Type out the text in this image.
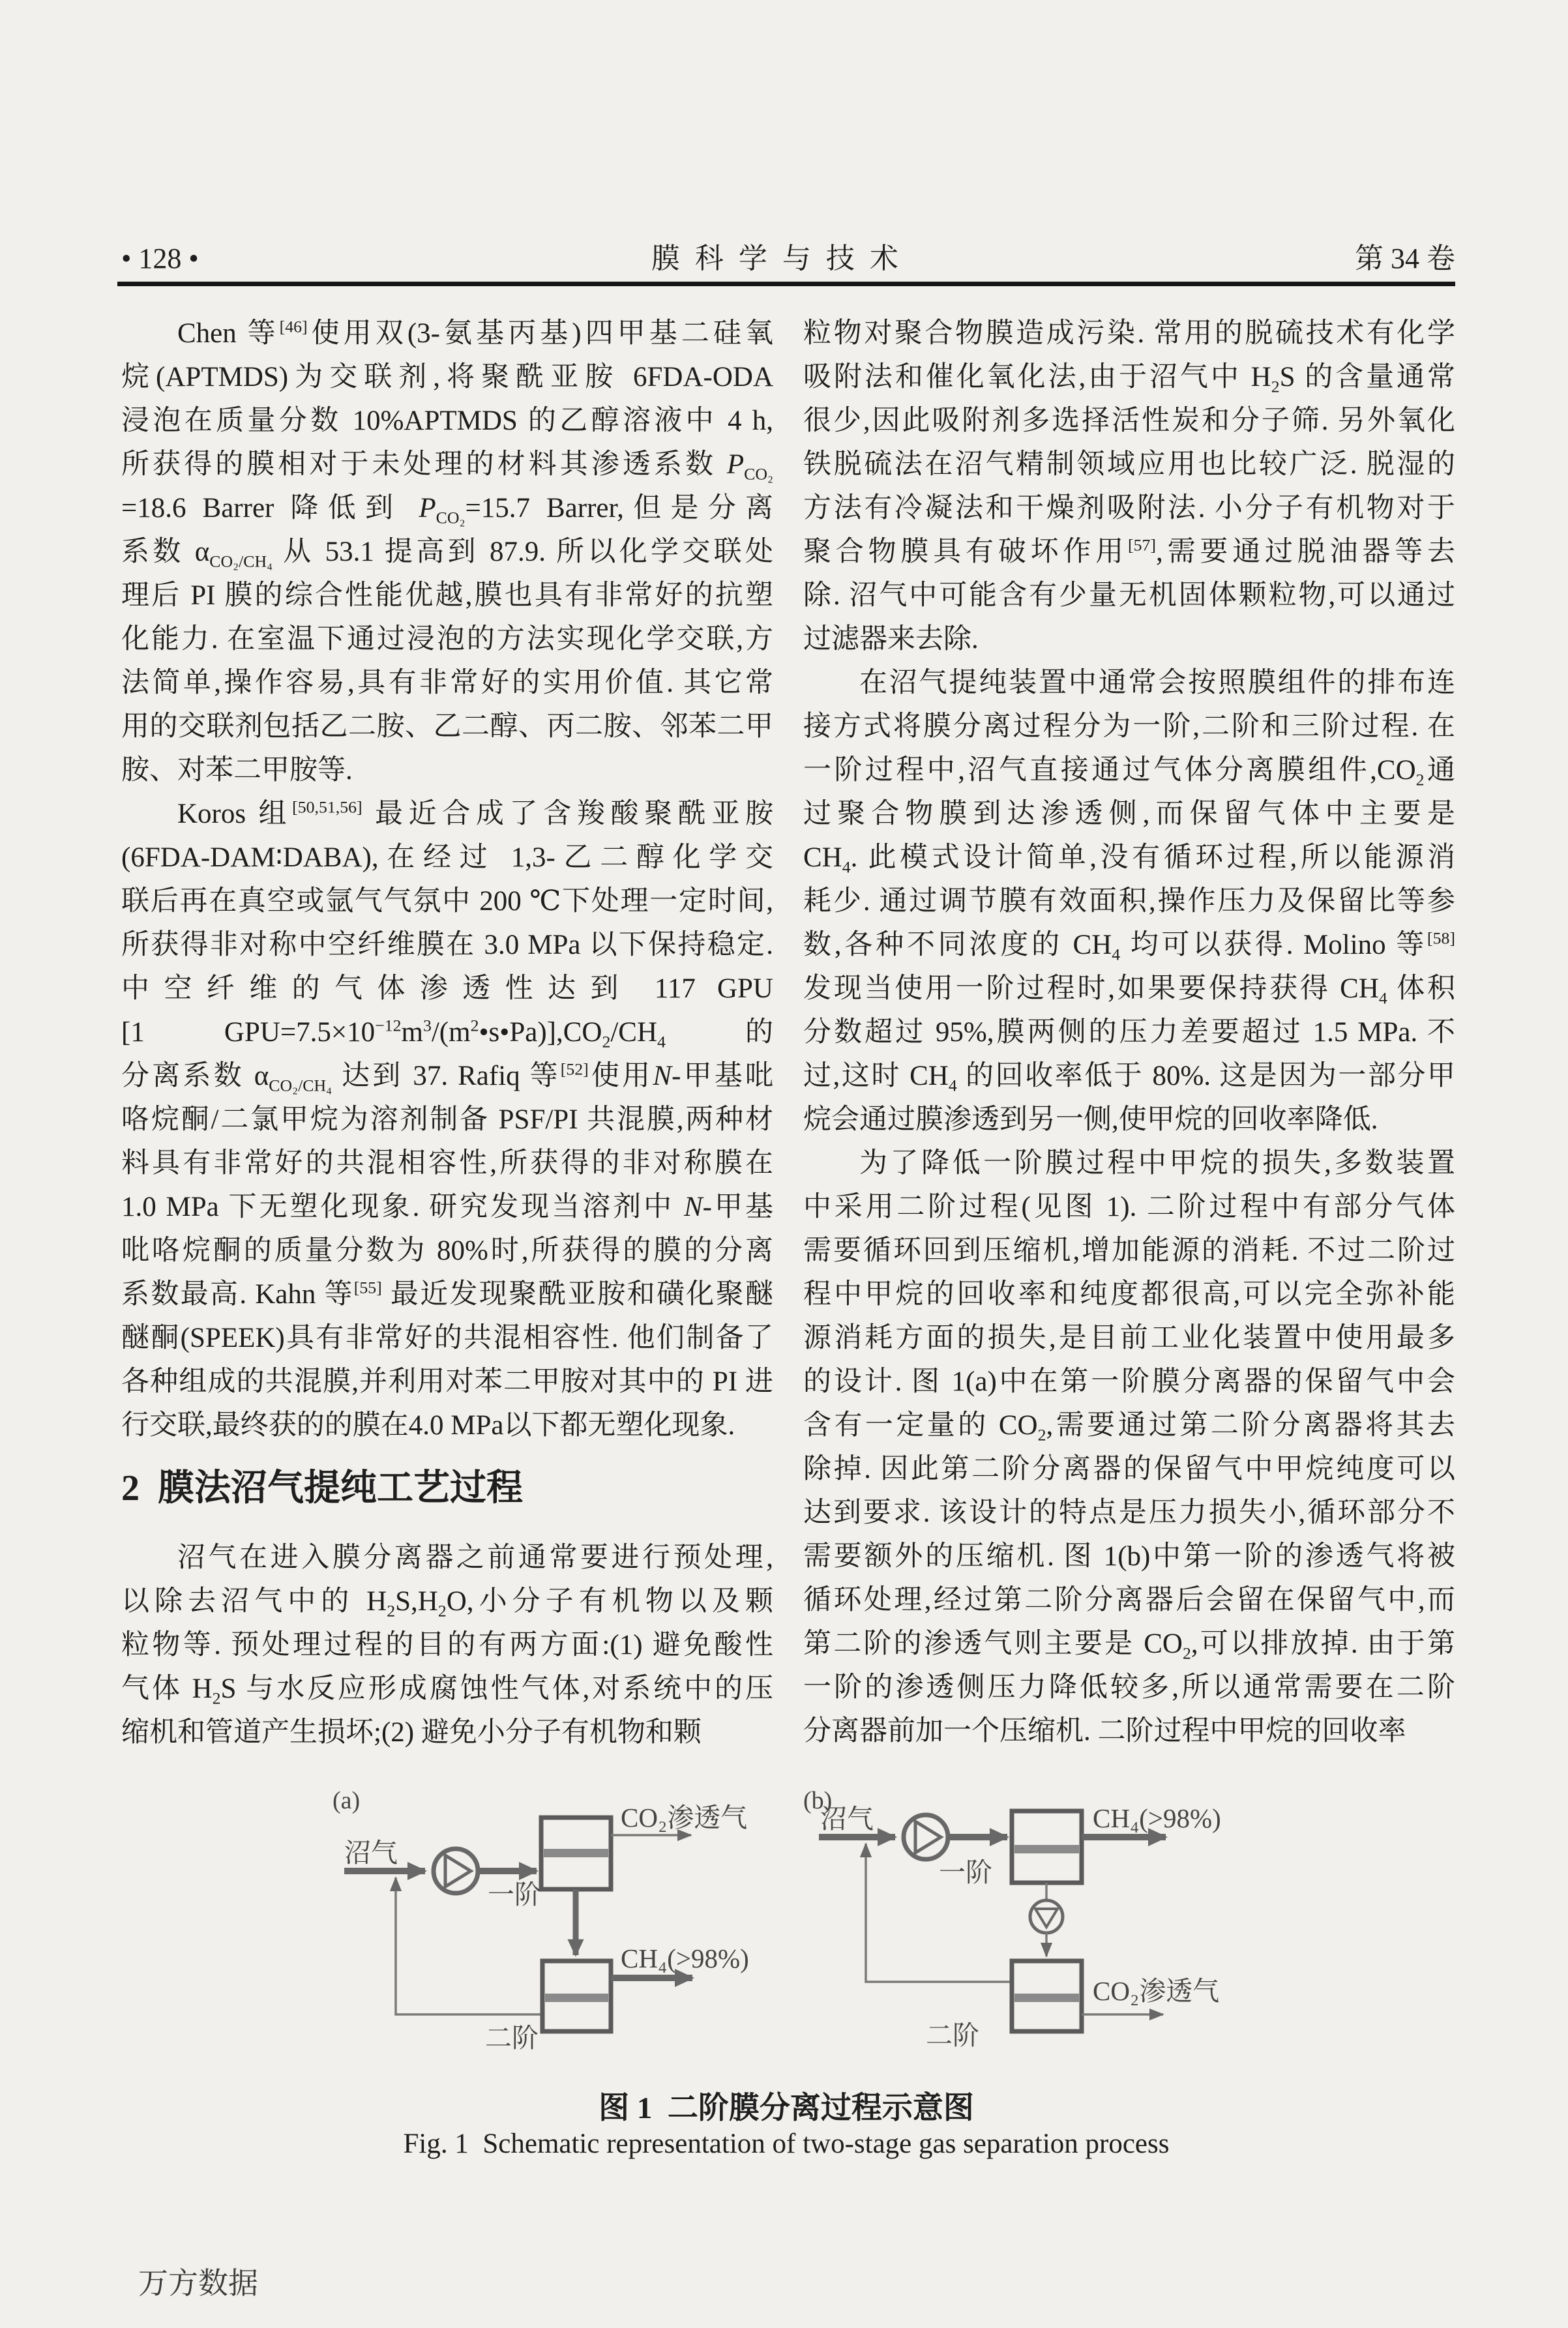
• 128 •	膜 科 学 与 技 术	第 34 卷
Chen 等[46]使用双(3-氨基丙基)四甲基二硅氧
烷(APTMDS)为交联剂,将聚酰亚胺 6FDA-ODA
浸泡在质量分数 10%APTMDS 的乙醇溶液中 4 h,
所获得的膜相对于未处理的材料其渗透系数 $P_{CO_2}$
=18.6 Barrer 降低到 $P_{CO_2}=15.7$ Barrer,但是分离
系数 $\alpha_{CO_2/CH_4}$ 从 53.1 提高到 87.9. 所以化学交联处
理后 PI 膜的综合性能优越,膜也具有非常好的抗塑
化能力. 在室温下通过浸泡的方法实现化学交联,方
法简单,操作容易,具有非常好的实用价值. 其它常
用的交联剂包括乙二胺、乙二醇、丙二胺、邻苯二甲
胺、对苯二甲胺等.
Koros 组[50,51,56] 最近合成了含羧酸聚酰亚胺
(6FDA-DAM∶DABA),在经过 1,3-乙二醇化学交
联后再在真空或氩气气氛中 200 ℃下处理一定时间,
所获得非对称中空纤维膜在 3.0 MPa 以下保持稳定.
中空纤维的气体渗透性达到 117 GPU
[1 $GPU=7.5\times 10^{-12}m^3/(m^2•s•Pa)],CO_2/CH_4$ 的
分离系数 $\alpha_{CO_2/CH_4}$ 达到 37. Rafiq 等[52]使用N-甲基吡
咯烷酮/二氯甲烷为溶剂制备 PSF/PI 共混膜,两种材
料具有非常好的共混相容性,所获得的非对称膜在
1.0 MPa 下无塑化现象. 研究发现当溶剂中 N-甲基
吡咯烷酮的质量分数为 80%时,所获得的膜的分离
系数最高. Kahn 等[55] 最近发现聚酰亚胺和磺化聚醚
醚酮(SPEEK)具有非常好的共混相容性. 他们制备了
各种组成的共混膜,并利用对苯二甲胺对其中的 PI 进
行交联,最终获的的膜在4.0 MPa以下都无塑化现象.
2  膜法沼气提纯工艺过程
沼气在进入膜分离器之前通常要进行预处理,
以除去沼气中的 $H_2S,H_2O$,小分子有机物以及颗
粒物等. 预处理过程的目的有两方面:(1) 避免酸性
气体 $H_2S$ 与水反应形成腐蚀性气体,对系统中的压
缩机和管道产生损坏;(2) 避免小分子有机物和颗
粒物对聚合物膜造成污染. 常用的脱硫技术有化学
吸附法和催化氧化法,由于沼气中 $H_2S$ 的含量通常
很少,因此吸附剂多选择活性炭和分子筛. 另外氧化
铁脱硫法在沼气精制领域应用也比较广泛. 脱湿的
方法有冷凝法和干燥剂吸附法. 小分子有机物对于
聚合物膜具有破坏作用[57],需要通过脱油器等去
除. 沼气中可能含有少量无机固体颗粒物,可以通过
过滤器来去除.
在沼气提纯装置中通常会按照膜组件的排布连
接方式将膜分离过程分为一阶,二阶和三阶过程. 在
一阶过程中,沼气直接通过气体分离膜组件$,CO_2$通
过聚合物膜到达渗透侧,而保留气体中主要是
$CH_4$. 此模式设计简单,没有循环过程,所以能源消
耗少. 通过调节膜有效面积,操作压力及保留比等参
数,各种不同浓度的 $CH_4$ 均可以获得. Molino 等[58]
发现当使用一阶过程时,如果要保持获得 $CH_4$ 体积
分数超过 95%,膜两侧的压力差要超过 1.5 MPa. 不
过,这时 $CH_4$ 的回收率低于 80%. 这是因为一部分甲
烷会通过膜渗透到另一侧,使甲烷的回收率降低.
为了降低一阶膜过程中甲烷的损失,多数装置
中采用二阶过程(见图 1). 二阶过程中有部分气体
需要循环回到压缩机,增加能源的消耗. 不过二阶过
程中甲烷的回收率和纯度都很高,可以完全弥补能
源消耗方面的损失,是目前工业化装置中使用最多
的设计. 图 1(a)中在第一阶膜分离器的保留气中会
含有一定量的 $CO_2$,需要通过第二阶分离器将其去
除掉. 因此第二阶分离器的保留气中甲烷纯度可以
达到要求. 该设计的特点是压力损失小,循环部分不
需要额外的压缩机. 图 1(b)中第一阶的渗透气将被
循环处理,经过第二阶分离器后会留在保留气中,而
第二阶的渗透气则主要是 $CO_2$,可以排放掉. 由于第
一阶的渗透侧压力降低较多,所以通常需要在二阶
分离器前加一个压缩机. 二阶过程中甲烷的回收率
(a)
沼气
一阶
CO₂渗透气
二阶
CH₄(>98%)
(b)
沼气
一阶
CH₄(>98%)
二阶
CO₂渗透气
图 1  二阶膜分离过程示意图
Fig. 1  Schematic representation of two-stage gas separation process
万方数据
